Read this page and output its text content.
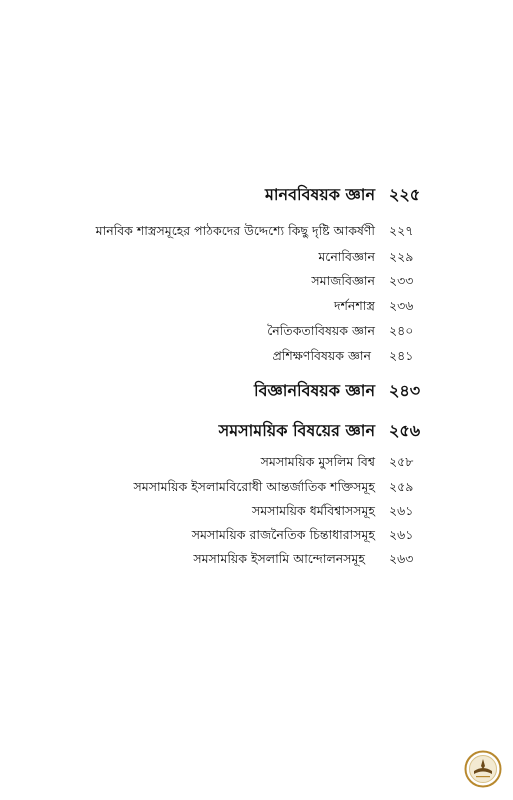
মানববিষয়ক জ্ঞান ২২৫
মানবিক শাস্ত্রসমূহের পাঠকদের উদ্দেশ্যে কিছু দৃষ্টি আকর্ষণী ২২৭
মনোবিজ্ঞান ২২৯
সমাজবিজ্ঞান ২৩৩
দর্শনশাস্ত্র ২৩৬
নৈতিকতাবিষয়ক জ্ঞান ২৪০
প্রশিক্ষণবিষয়ক জ্ঞান ২৪১
বিজ্ঞানবিষয়ক জ্ঞান ২৪৩
সমসাময়িক বিষয়ের জ্ঞান ২৫৬
সমসাময়িক মুসলিম বিশ্ব ২৫৮
সমসাময়িক ইসলামবিরোধী আন্তর্জাতিক শক্তিসমূহ ২৫৯
সমসাময়িক ধর্মবিশ্বাসসমূহ ২৬১
সমসাময়িক রাজনৈতিক চিন্তাধারাসমূহ ২৬১
সমসাময়িক ইসলামি আন্দোলনসমূহ ২৬৩
